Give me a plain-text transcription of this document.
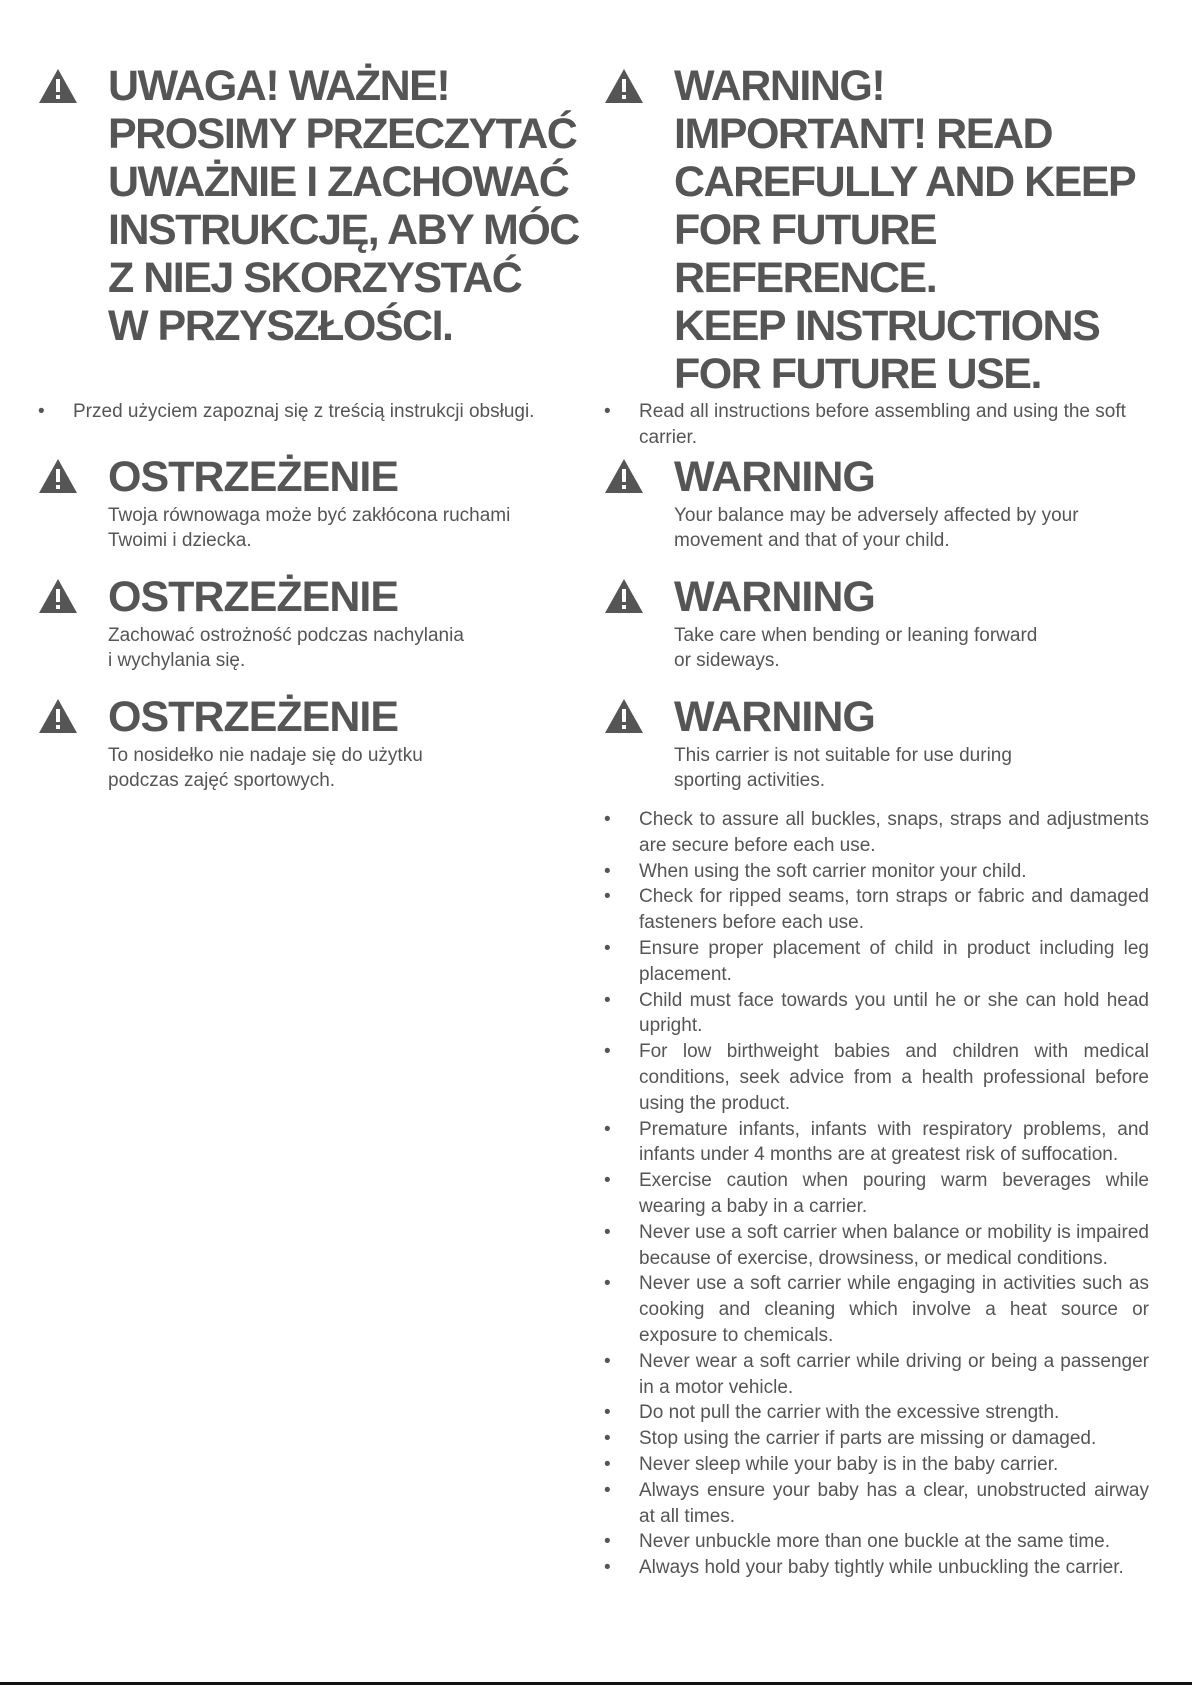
UWAGA! WAŻNE!
PROSIMY PRZECZYTAĆ
UWAŻNIE I ZACHOWAĆ
INSTRUKCJĘ, ABY MÓC
Z NIEJ SKORZYSTAĆ
W PRZYSZŁOŚCI.
• Przed użyciem zapoznaj się z treścią instrukcji obsługi.
OSTRZEŻENIE

Twoja równowaga może być zakłócona ruchami
Twoimi i dziecka.

OSTRZEŻENIE

Zachować ostrożność podczas nachylania
i wychylania się.

OSTRZEŻENIE

To nosidełko nie nadaje się do użytku
podczas zajęć sportowych.

WARNING!
IMPORTANT! READ
CAREFULLY AND KEEP
FOR FUTURE
REFERENCE.
KEEP INSTRUCTIONS
FOR FUTURE USE.
• Read all instructions before assembling and using the soft carrier.
WARNING

Your balance may be adversely affected by your
movement and that of your child.

WARNING

Take care when bending or leaning forward
or sideways.

WARNING

This carrier is not suitable for use during
sporting activities.

• Check to assure all buckles, snaps, straps and adjustments are secure before each use.
• When using the soft carrier monitor your child.
• Check for ripped seams, torn straps or fabric and damaged fasteners before each use.
• Ensure proper placement of child in product including leg placement.
• Child must face towards you until he or she can hold head upright.
• For low birthweight babies and children with medical conditions, seek advice from a health professional before using the product.
• Premature infants, infants with respiratory problems, and infants under 4 months are at greatest risk of suffocation.
• Exercise caution when pouring warm beverages while wearing a baby in a carrier.
• Never use a soft carrier when balance or mobility is impaired because of exercise, drowsiness, or medical conditions.
• Never use a soft carrier while engaging in activities such as cooking and cleaning which involve a heat source or exposure to chemicals.
• Never wear a soft carrier while driving or being a passenger in a motor vehicle.
• Do not pull the carrier with the excessive strength.
• Stop using the carrier if parts are missing or damaged.
• Never sleep while your baby is in the baby carrier.
• Always ensure your baby has a clear, unobstructed airway at all times.
• Never unbuckle more than one buckle at the same time.
• Always hold your baby tightly while unbuckling the carrier.
